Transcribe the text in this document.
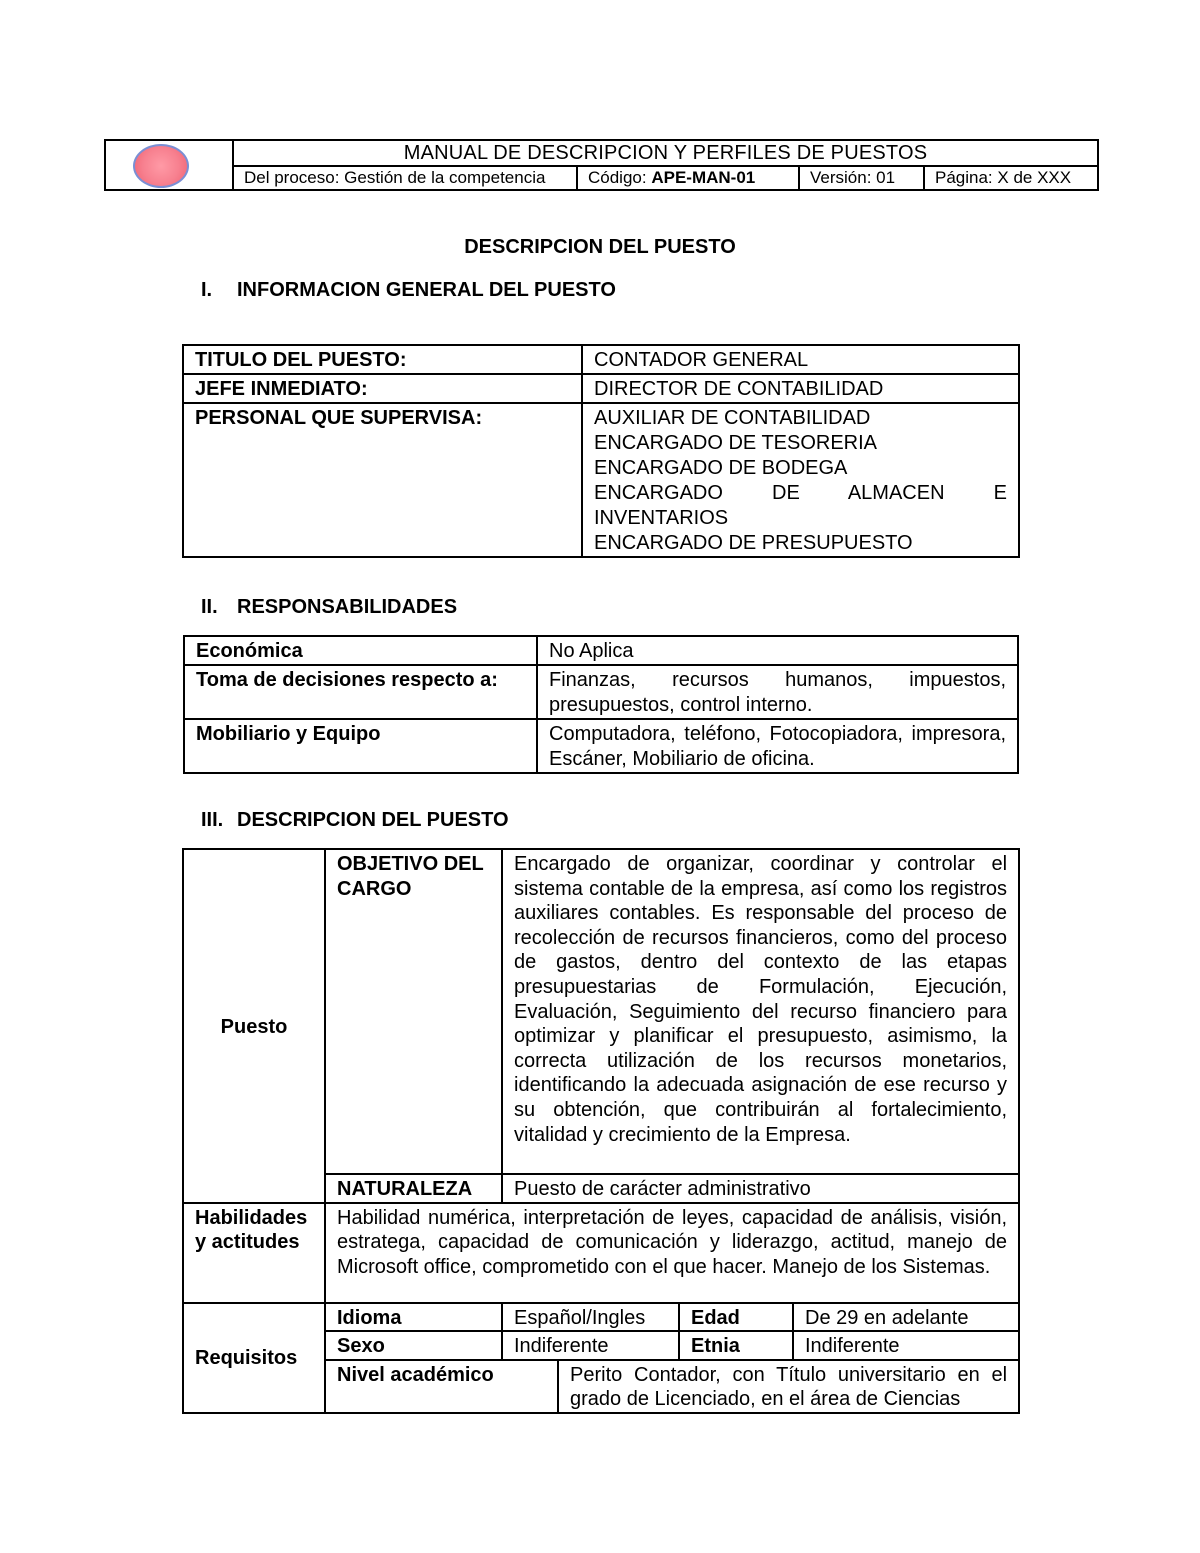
	MANUAL DE DESCRIPCION Y PERFILES DE PUESTOS			
	Del proceso: Gestión de la competencia	Código: APE-MAN-01	Versión: 01	Página: X de XXX
DESCRIPCION DEL PUESTO
I. INFORMACION GENERAL DEL PUESTO
TITULO DEL PUESTO:	CONTADOR GENERAL
JEFE INMEDIATO:	DIRECTOR DE CONTABILIDAD
PERSONAL QUE SUPERVISA:	AUXILIAR DE CONTABILIDAD
ENCARGADO DE TESORERIA
ENCARGADO DE BODEGA
ENCARGADO DE ALMACEN E INVENTARIOS
ENCARGADO DE PRESUPUESTO
II. RESPONSABILIDADES
Económica	No Aplica
Toma de decisiones respecto a:	Finanzas, recursos humanos, impuestos, presupuestos, control interno.
Mobiliario y Equipo	Computadora, teléfono, Fotocopiadora, impresora, Escáner, Mobiliario de oficina.
III. DESCRIPCION DEL PUESTO
Puesto	OBJETIVO DEL CARGO	Encargado de organizar, coordinar y controlar el sistema contable de la empresa, así como los registros auxiliares contables. Es responsable del proceso de recolección de recursos financieros, como del proceso de gastos, dentro del contexto de las etapas presupuestarias de Formulación, Ejecución, Evaluación, Seguimiento del recurso financiero para optimizar y planificar el presupuesto, asimismo, la correcta utilización de los recursos monetarios, identificando la adecuada asignación de ese recurso y su obtención, que contribuirán al fortalecimiento, vitalidad y crecimiento de la Empresa.			
	NATURALEZA	Puesto de carácter administrativo			
Habilidades y actitudes	Habilidad numérica, interpretación de leyes, capacidad de análisis, visión, estratega, capacidad de comunicación y liderazgo, actitud, manejo de Microsoft office, comprometido con el que hacer. Manejo de los Sistemas.				
Requisitos	Idioma	Español/Ingles		Edad	De 29 en adelante
	Sexo	Indiferente		Etnia	Indiferente
	Nivel académico		Perito Contador, con Título universitario en el grado de Licenciado, en el área de Ciencias		
